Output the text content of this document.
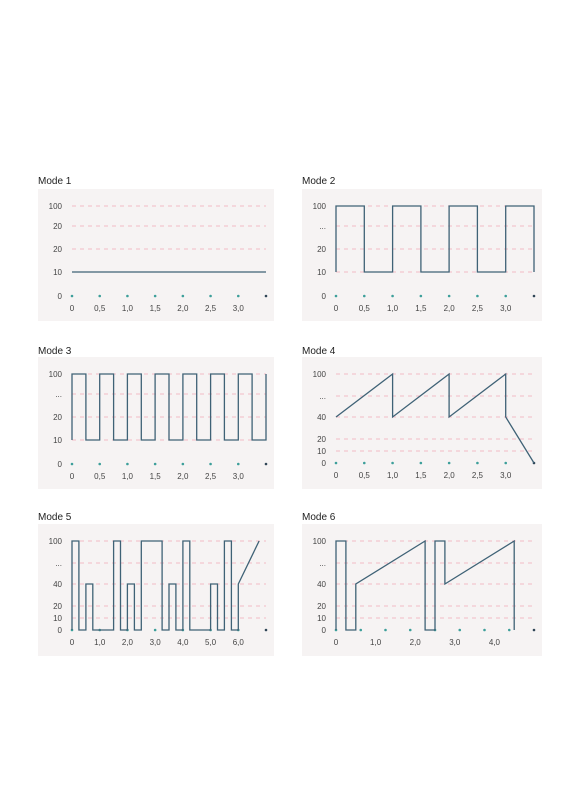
Mode 1
100
20
20
10
0
0 0,5 1,0 1,5 2,0 2,5 3,0
Mode 2
100
...
20
10
0
0	0,5 1,0 1,5 2,0 2,5 3,0
Mode 3
100
...
20
10
0
0 0,5 1,0 1,5 2,0 2,5 3,0
Mode 4
100
...
40
20
10
0
0	0,5 1,0 1,5 2,0 2,5 3,0
Mode 5
100
...
40
20
10
0
0 1,0 2,0 3,0 4,0 5,0 6,0
Mode 6
100
...
40
20
10
0
0	1,0	2,0	3,0	4,0
